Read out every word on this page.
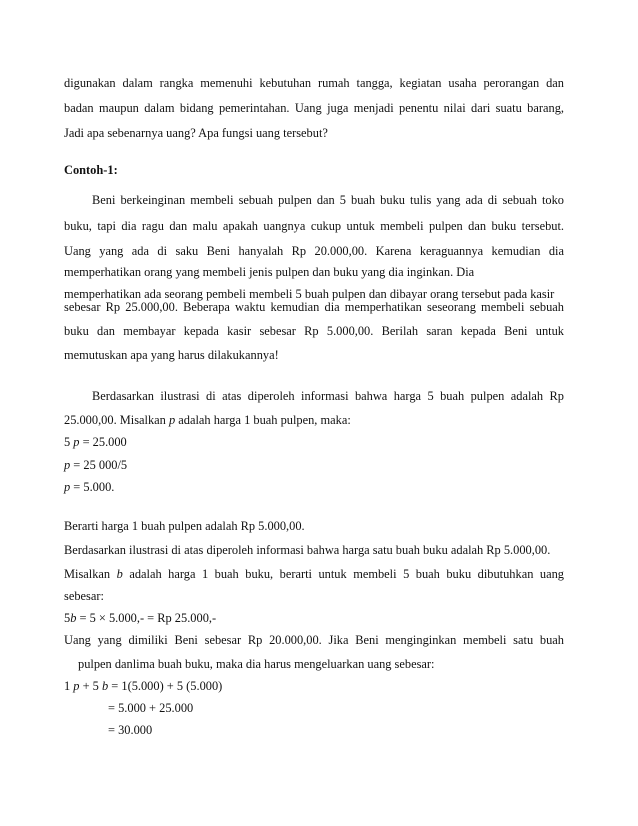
digunakan dalam rangka memenuhi kebutuhan rumah tangga, kegiatan usaha perorangan dan
badan maupun dalam bidang pemerintahan. Uang juga menjadi penentu nilai dari suatu barang,
Jadi apa sebenarnya uang? Apa fungsi uang tersebut?
Contoh-1:
Beni berkeinginan membeli sebuah pulpen dan 5 buah buku tulis yang ada di sebuah toko
buku, tapi dia ragu dan malu apakah uangnya cukup untuk membeli pulpen dan buku tersebut.
Uang yang ada di saku Beni hanyalah Rp 20.000,00. Karena keraguannya kemudian dia
memperhatikan orang yang membeli jenis pulpen dan buku yang dia inginkan. Dia
memperhatikan ada seorang pembeli membeli 5 buah pulpen dan dibayar orang tersebut pada kasir
sebesar Rp 25.000,00. Beberapa waktu kemudian dia memperhatikan seseorang membeli sebuah
buku dan membayar kepada kasir sebesar Rp 5.000,00. Berilah saran kepada Beni untuk
memutuskan apa yang harus dilakukannya!
Berdasarkan ilustrasi di atas diperoleh informasi bahwa harga 5 buah pulpen adalah Rp
25.000,00. Misalkan p adalah harga 1 buah pulpen, maka:
5 p = 25.000
p = 25 000/5
p = 5.000.
Berarti harga 1 buah pulpen adalah Rp 5.000,00.
Berdasarkan ilustrasi di atas diperoleh informasi bahwa harga satu buah buku adalah Rp 5.000,00.
Misalkan b adalah harga 1 buah buku, berarti untuk membeli 5 buah buku dibutuhkan uang
sebesar:
5b = 5 × 5.000,- = Rp 25.000,-
Uang yang dimiliki Beni sebesar Rp 20.000,00. Jika Beni menginginkan membeli satu buah
pulpen danlima buah buku, maka dia harus mengeluarkan uang sebesar:
1 p + 5 b = 1(5.000) + 5 (5.000)
= 5.000 + 25.000
= 30.000
